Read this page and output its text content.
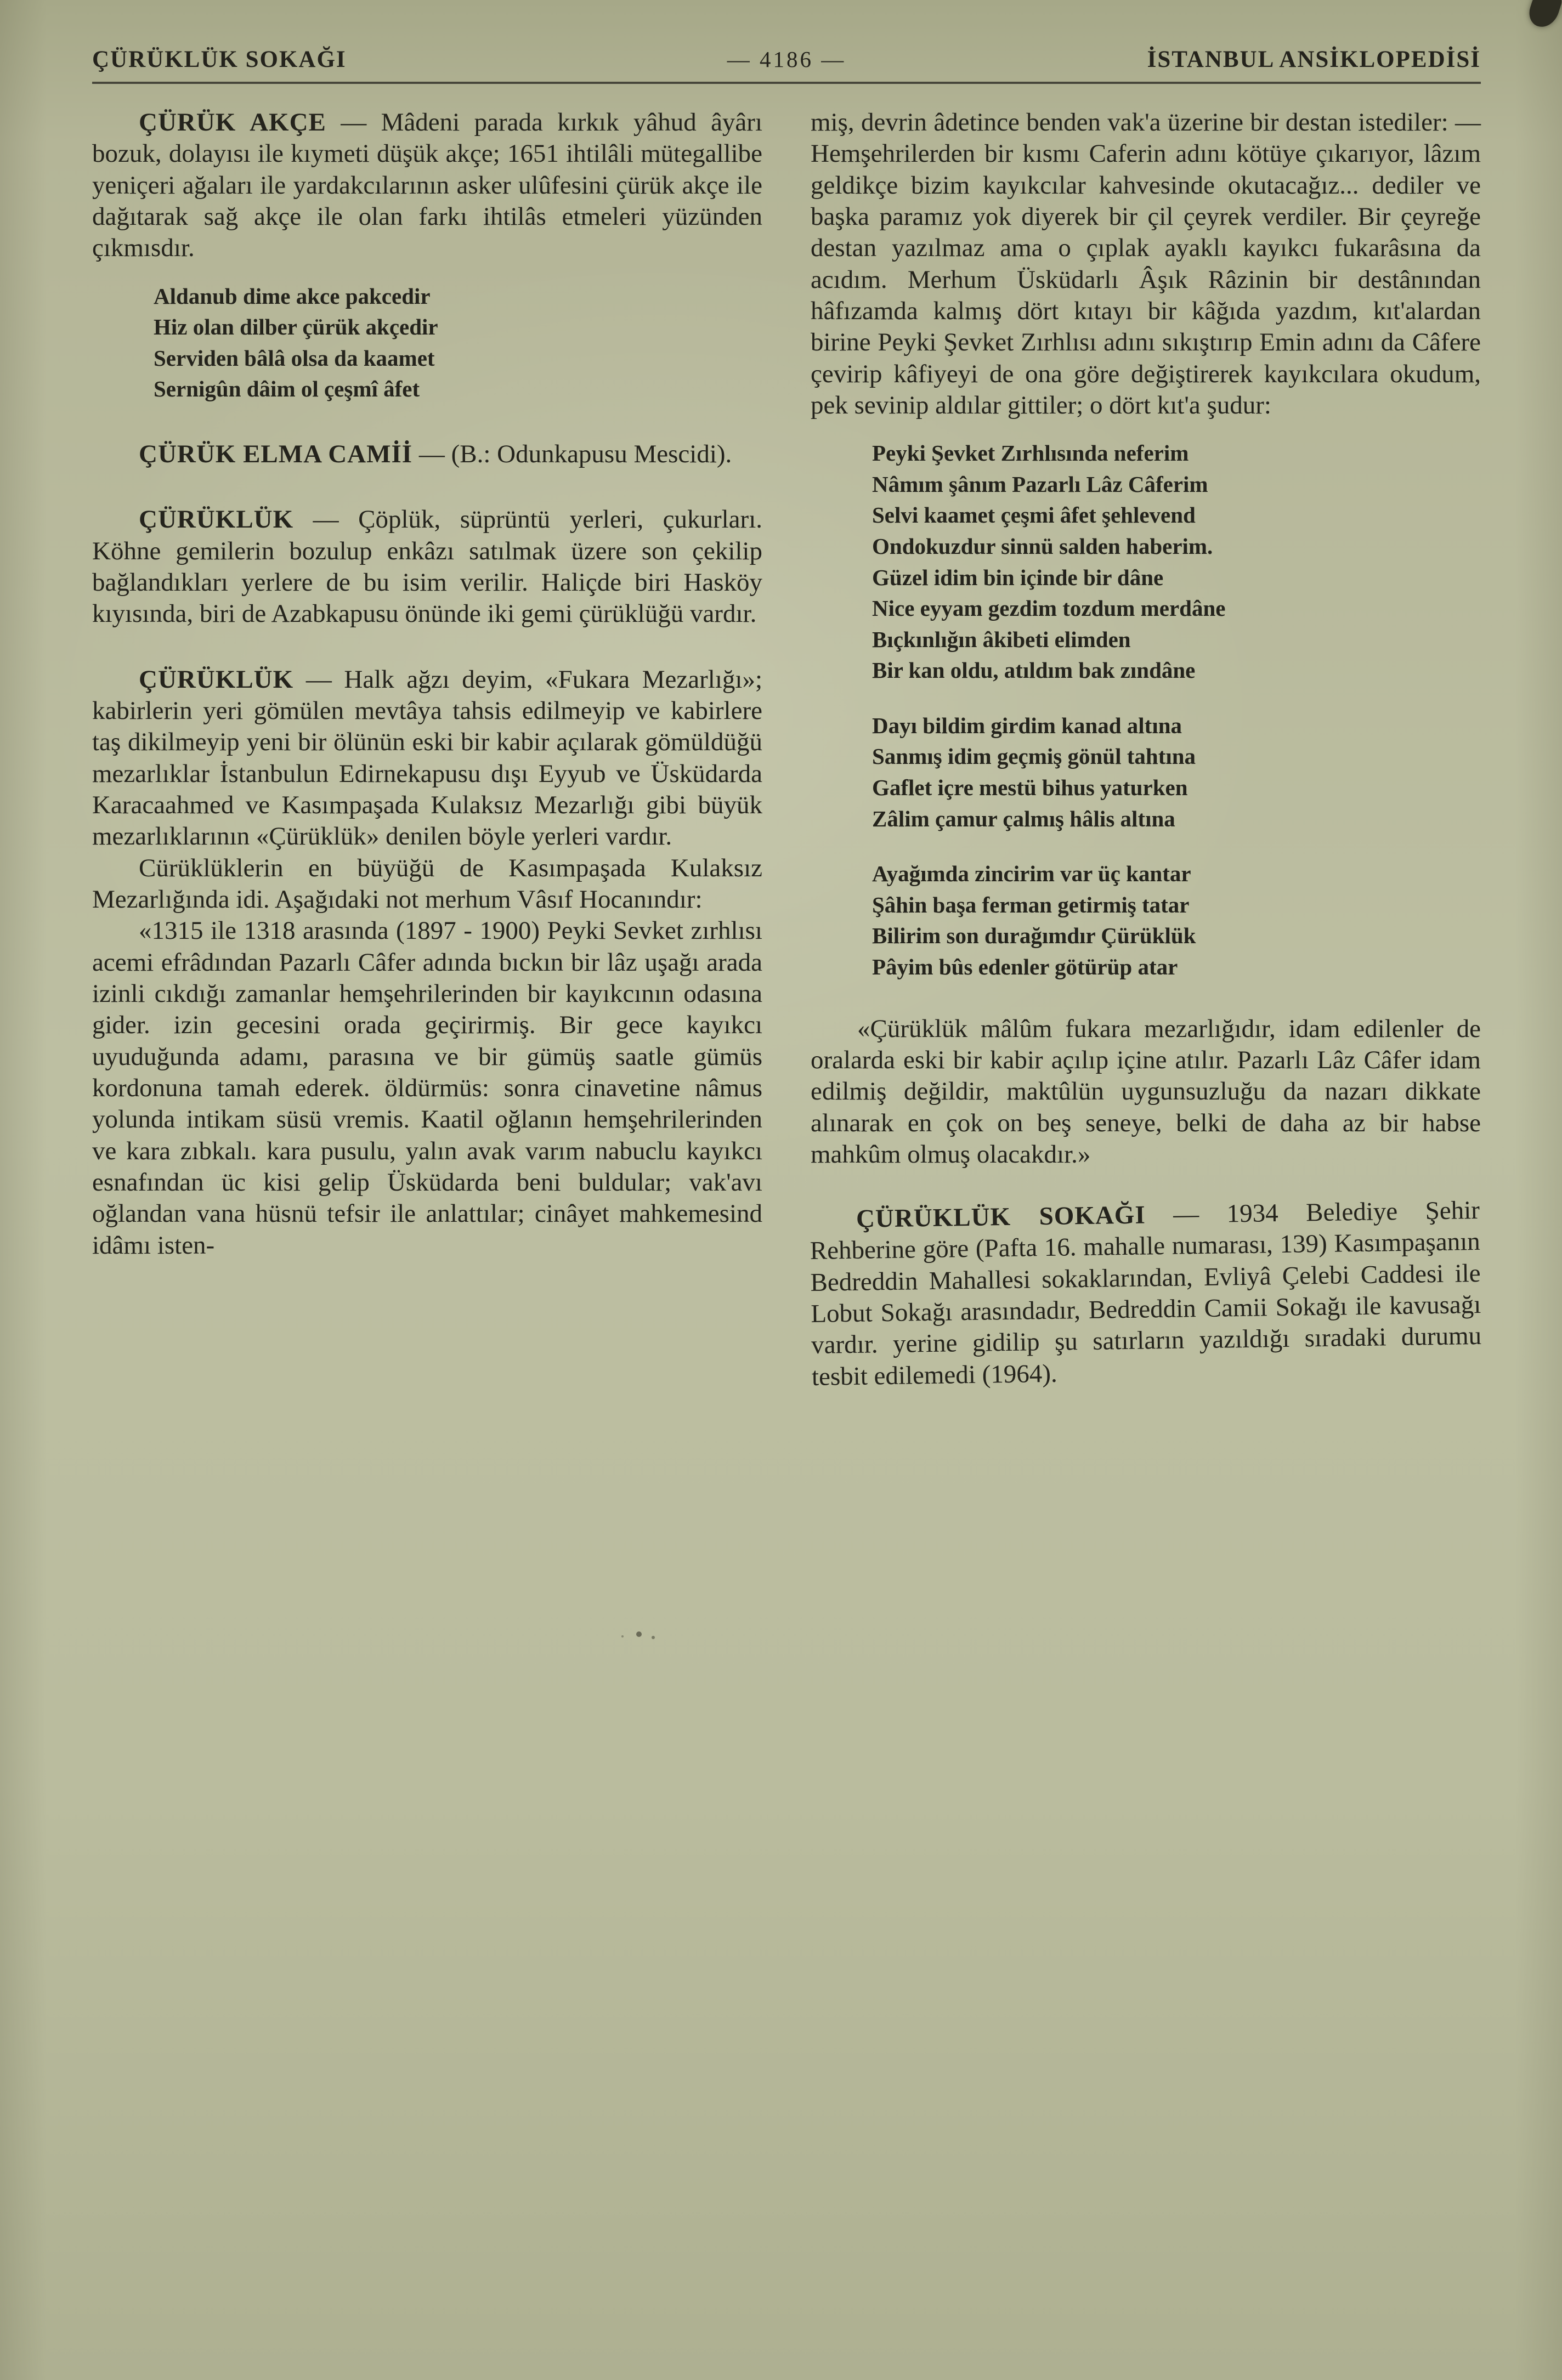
ÇÜRÜKLÜK SOKAĞI	— 4186 —	İSTANBUL ANSİKLOPEDİSİ

ÇÜRÜK AKÇE — Mâdeni parada kırkık yâhud âyârı bozuk, dolayısı ile kıymeti düşük akçe; 1651 ihtilâli mütegallibe yeniçeri ağaları ile yardakcılarının asker ulûfesini çürük akçe ile dağıtarak sağ akçe ile olan farkı ihtilâs etmeleri yüzünden çıkmısdır.

Aldanub dime akce pakcedir
Hiz olan dilber çürük akçedir
Serviden bâlâ olsa da kaamet
Sernigûn dâim ol çeşmî âfet

ÇÜRÜK ELMA CAMİİ — (B.: Odunkapusu Mescidi).

ÇÜRÜKLÜK — Çöplük, süprüntü yerleri, çukurları. Köhne gemilerin bozulup enkâzı satılmak üzere son çekilip bağlandıkları yerlere de bu isim verilir. Haliçde biri Hasköy kıyısında, biri de Azabkapusu önünde iki gemi çürüklüğü vardır.

ÇÜRÜKLÜK — Halk ağzı deyim, «Fukara Mezarlığı»; kabirlerin yeri gömülen mevtâya tahsis edilmeyip ve kabirlere taş dikilmeyip yeni bir ölünün eski bir kabir açılarak gömüldüğü mezarlıklar İstanbulun Edirnekapusu dışı Eyyub ve Üsküdarda Karacaahmed ve Kasımpaşada Kulaksız Mezarlığı gibi büyük mezarlıklarının «Çürüklük» denilen böyle yerleri vardır.

Cürüklüklerin en büyüğü de Kasımpaşada Kulaksız Mezarlığında idi. Aşağıdaki not merhum Vâsıf Hocanındır:

«1315 ile 1318 arasında (1897 - 1900) Peyki Sevket zırhlısı acemi efrâdından Pazarlı Câfer adında bıckın bir lâz uşağı arada izinli cıkdığı zamanlar hemşehrilerinden bir kayıkcının odasına gider. izin gecesini orada geçirirmiş. Bir gece kayıkcı uyuduğunda adamı, parasına ve bir gümüş saatle gümüs kordonuna tamah ederek. öldürmüs: sonra cinavetine nâmus yolunda intikam süsü vremis. Kaatil oğlanın hemşehrilerinden ve kara zıbkalı. kara pusulu, yalın avak varım nabuclu kayıkcı esnafından üc kisi gelip Üsküdarda beni buldular; vak'avı oğlandan vana hüsnü tefsir ile anlattılar; cinâyet mahkemesind idâmı isten-

miş, devrin âdetince benden vak'a üzerine bir destan istediler: — Hemşehrilerden bir kısmı Caferin adını kötüye çıkarıyor, lâzım geldikçe bizim kayıkcılar kahvesinde okutacağız... dediler ve başka paramız yok diyerek bir çil çeyrek verdiler. Bir çeyreğe destan yazılmaz ama o çıplak ayaklı kayıkcı fukarâsına da acıdım. Merhum Üsküdarlı Âşık Râzinin bir destânından hâfızamda kalmış dört kıtayı bir kâğıda yazdım, kıt'alardan birine Peyki Şevket Zırhlısı adını sıkıştırıp Emin adını da Câfere çevirip kâfiyeyi de ona göre değiştirerek kayıkcılara okudum, pek sevinip aldılar gittiler; o dört kıt'a şudur:

Peyki Şevket Zırhlısında neferim
Nâmım şânım Pazarlı Lâz Câferim
Selvi kaamet çeşmi âfet şehlevend
Ondokuzdur sinnü salden haberim.
Güzel idim bin içinde bir dâne
Nice eyyam gezdim tozdum merdâne
Bıçkınlığın âkibeti elimden
Bir kan oldu, atıldım bak zındâne
Dayı bildim girdim kanad altına
Sanmış idim geçmiş gönül tahtına
Gaflet içre mestü bihus yaturken
Zâlim çamur çalmış hâlis altına
Ayağımda zincirim var üç kantar
Şâhin başa ferman getirmiş tatar
Bilirim son durağımdır Çürüklük
Pâyim bûs edenler götürüp atar

«Çürüklük mâlûm fukara mezarlığıdır, idam edilenler de oralarda eski bir kabir açılıp içine atılır. Pazarlı Lâz Câfer idam edilmiş değildir, maktûlün uygunsuzluğu da nazarı dikkate alınarak en çok on beş seneye, belki de daha az bir habse mahkûm olmuş olacakdır.»

ÇÜRÜKLÜK SOKAĞI — 1934 Belediye Şehir Rehberine göre (Pafta 16. mahalle numarası, 139) Kasımpaşanın Bedreddin Mahallesi sokaklarından, Evliyâ Çelebi Caddesi ile Lobut Sokağı arasındadır, Bedreddin Camii Sokağı ile kavusağı vardır. yerine gidilip şu satırların yazıldığı sıradaki durumu tesbit edilemedi (1964).
